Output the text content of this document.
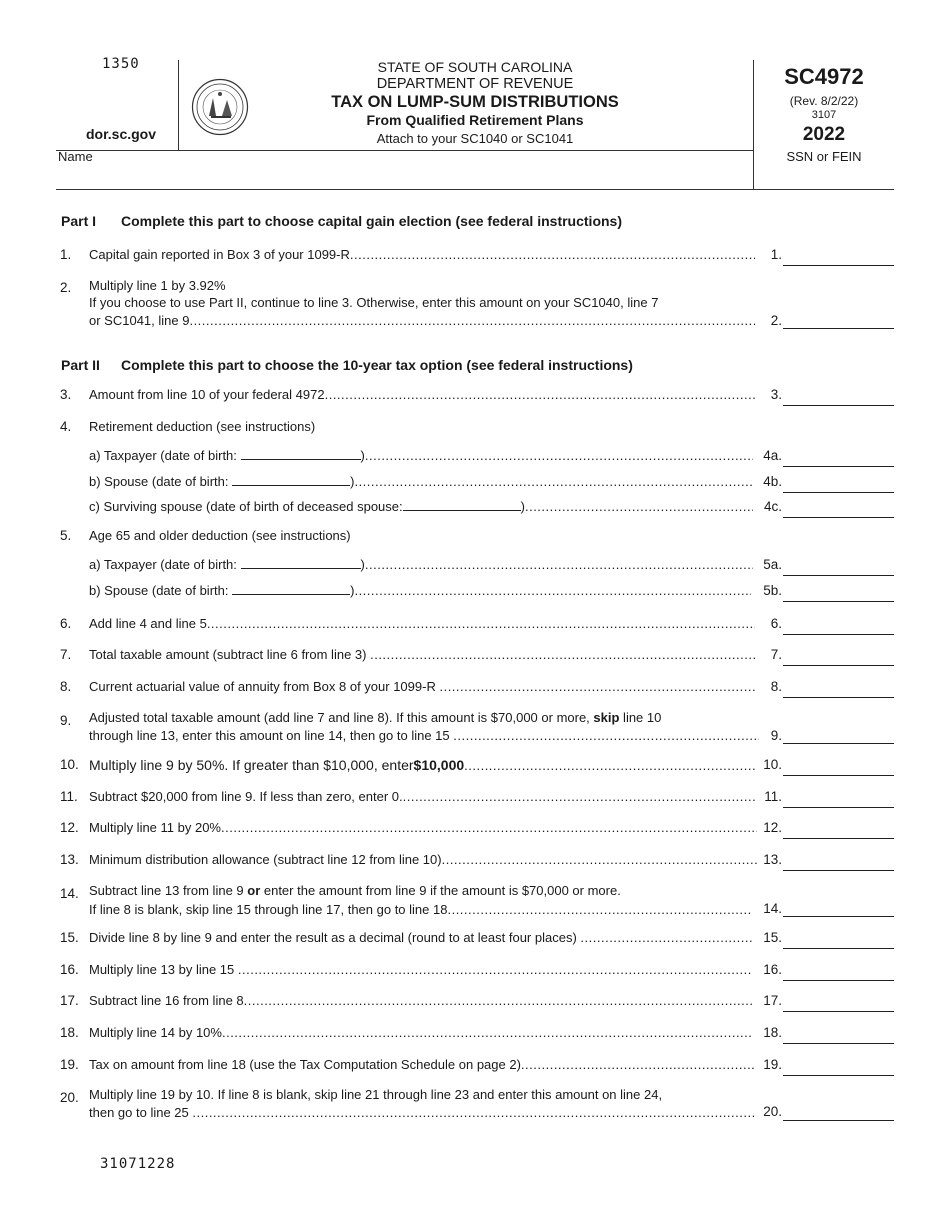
1350
dor.sc.gov
STATE OF SOUTH CAROLINA
DEPARTMENT OF REVENUE
TAX ON LUMP-SUM DISTRIBUTIONS
From Qualified Retirement Plans
Attach to your SC1040 or SC1041
SC4972
(Rev. 8/2/22)
3107
2022
Name	SSN or FEIN
Part I Complete this part to choose capital gain election (see federal instructions)
1.	Capital gain reported in Box 3 of your 1099-R .....	1.
2.	Multiply line 1 by 3.92%
If you choose to use Part II, continue to line 3. Otherwise, enter this amount on your SC1040, line 7
or SC1041, line 9 .....	2.
Part II Complete this part to choose the 10-year tax option (see federal instructions)
3.	Amount from line 10 of your federal 4972 .....	3.
4.	Retirement deduction (see instructions)
a) Taxpayer (date of birth:
	) .....	4a.
b) Spouse (date of birth:
	) .....	4b.
c) Surviving spouse (date of birth of deceased spouse:	) .....	4c.
5.	Age 65 and older deduction (see instructions)
a) Taxpayer (date of birth:
	) .....	5a.
b) Spouse (date of birth:
	) .....	5b.
6.	Add line 4 and line 5 .....	6.
7.	Total taxable amount (subtract line 6 from line 3)
.....	7.
8.	Current actuarial value of annuity from Box 8 of your 1099-R
.....	8.
9.	Adjusted total taxable amount (add line 7 and line 8). If this amount is $70,000 or more, skip line 10
through line 13, enter this amount on line 14, then go to line 15
.....	9.
10. Multiply line 9 by 50%. If greater than $10,000, enter $10,000 .....	10.
11. Subtract $20,000 from line 9. If less than zero, enter 0. .....	11.
12. Multiply line 11 by 20% .....	12.
13. Minimum distribution allowance (subtract line 12 from line 10) .....	13.
14. Subtract line 13 from line 9 or enter the amount from line 9 if the amount is $70,000 or more.
If line 8 is blank, skip line 15 through line 17, then go to line 18 .....	14.
15. Divide line 8 by line 9 and enter the result as a decimal (round to at least four places)
.....	15.
16. Multiply line 13 by line 15
.....	16.
17. Subtract line 16 from line 8 .....	17.
18. Multiply line 14 by 10% .....	18.
19. Tax on amount from line 18 (use the Tax Computation Schedule on page 2) .....	19.
20. Multiply line 19 by 10. If line 8 is blank, skip line 21 through line 23 and enter this amount on line 24,
then go to line 25
.....	20.
31071228
